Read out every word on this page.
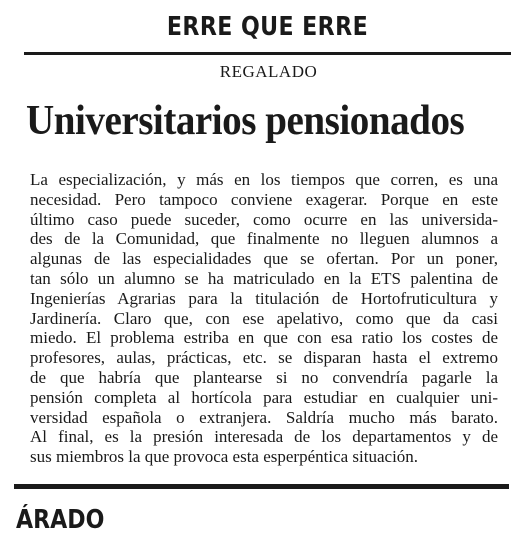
ERRE QUE ERRE

REGALADO

Universitarios pensionados
La especialización, y más en los tiempos que corren, es una
necesidad. Pero tampoco conviene exagerar. Porque en este
último caso puede suceder, como ocurre en las universida-
des de la Comunidad, que finalmente no lleguen alumnos a
algunas de las especialidades que se ofertan. Por un poner,
tan sólo un alumno se ha matriculado en la ETS palentina de
Ingenierías Agrarias para la titulación de Hortofruticultura y
Jardinería. Claro que, con ese apelativo, como que da casi
miedo. El problema estriba en que con esa ratio los costes de
profesores, aulas, prácticas, etc. se disparan hasta el extremo
de que habría que plantearse si no convendría pagarle la
pensión completa al hortícola para estudiar en cualquier uni-
versidad española o extranjera. Saldría mucho más barato.
Al final, es la presión interesada de los departamentos y de
sus miembros la que provoca esta esperpéntica situación.
ÁRADO
